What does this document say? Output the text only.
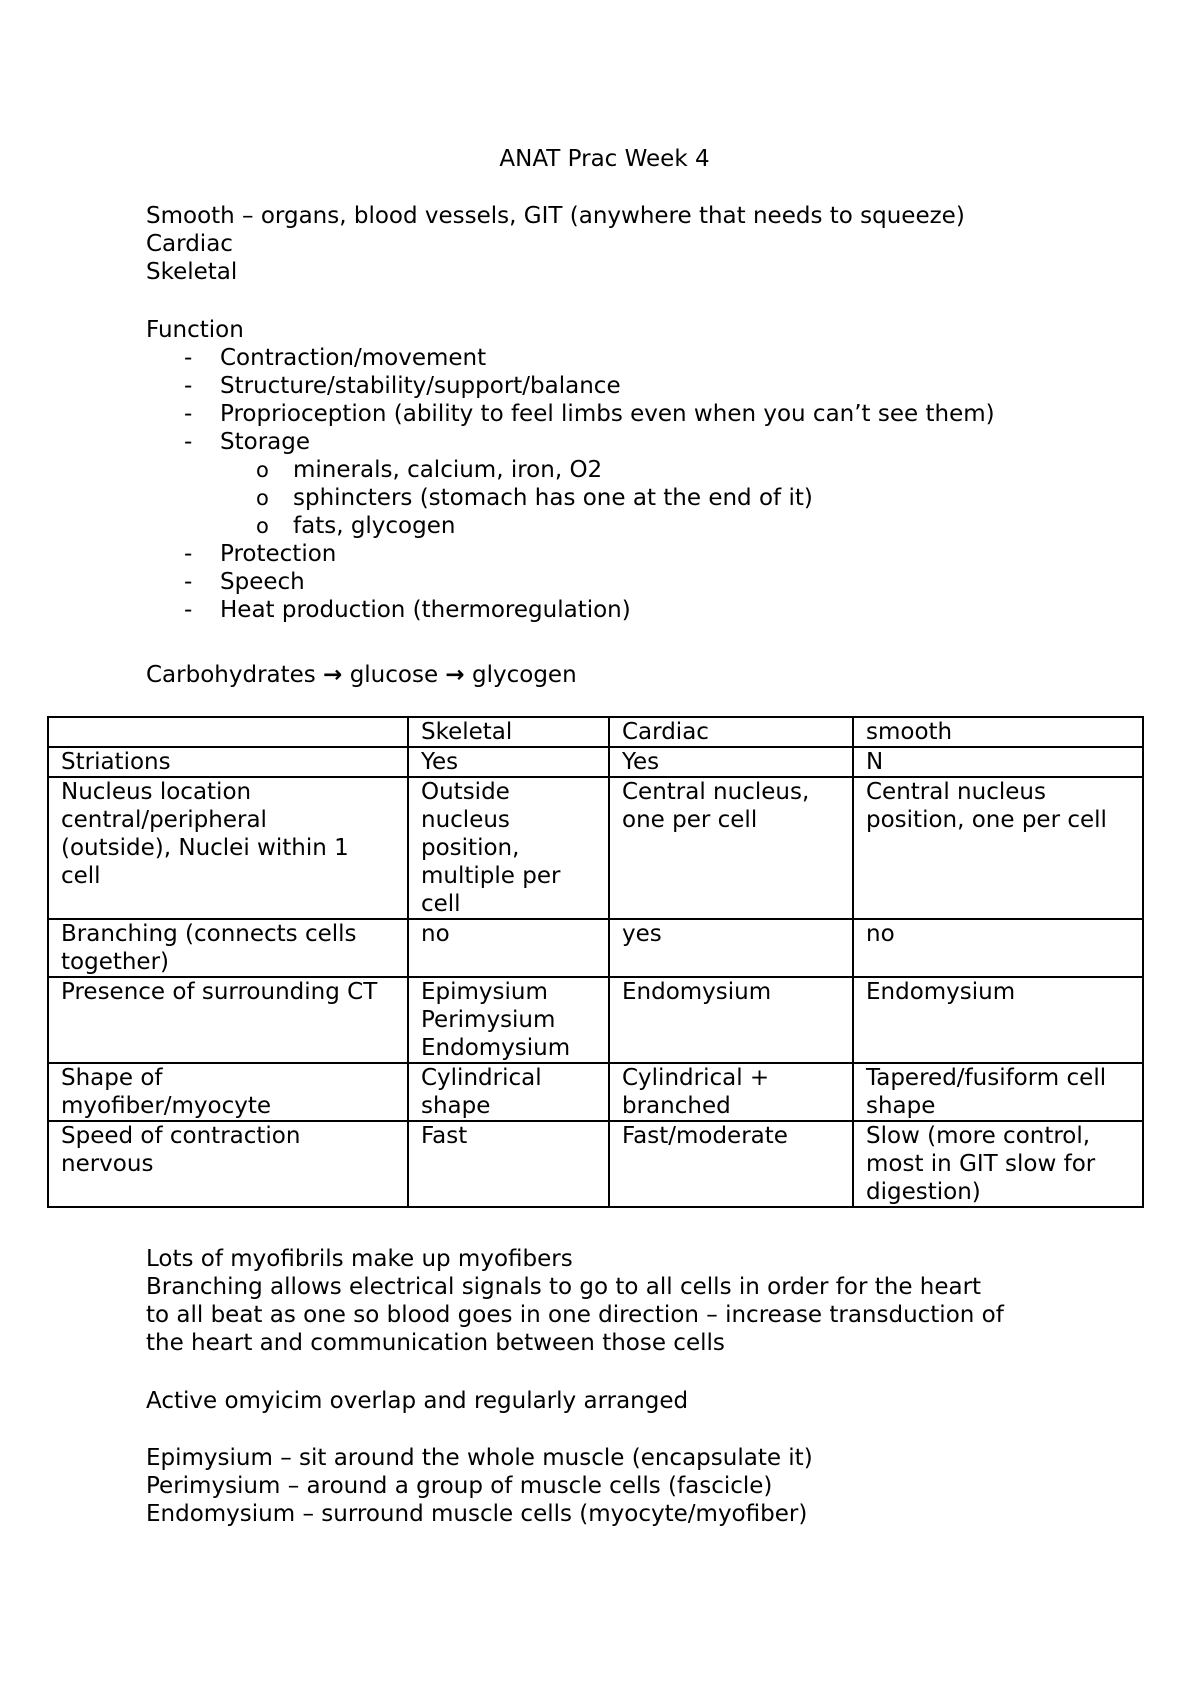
ANAT Prac Week 4

Smooth – organs, blood vessels, GIT (anywhere that needs to squeeze)

Cardiac

Skeletal

Function

- Contraction/movement

- Structure/stability/support/balance

- Proprioception (ability to feel limbs even when you can’t see them)

- Storage

o minerals, calcium, iron, O2

o sphincters (stomach has one at the end of it)

o fats, glycogen

- Protection

- Speech

- Heat production (thermoregulation)

Carbohydrates → glucose → glycogen

	Skeletal	Cardiac	smooth

Striations	Yes	Yes	N

Nucleus location
central/peripheral
(outside), Nuclei within 1
cell	Outside
nucleus
position,
multiple per
cell	Central nucleus,
one per cell	Central nucleus
position, one per cell

Branching (connects cells
together)	no	yes	no

Presence of surrounding CT	Epimysium
Perimysium
Endomysium	Endomysium	Endomysium

Shape of
myofiber/myocyte	Cylindrical
shape	Cylindrical +
branched	Tapered/fusiform cell
shape

Speed of contraction
nervous	Fast	Fast/moderate	Slow (more control,
most in GIT slow for
digestion)

Lots of myofibrils make up myofibers

Branching allows electrical signals to go to all cells in order for the heart

to all beat as one so blood goes in one direction – increase transduction of

the heart and communication between those cells

Active omyicim overlap and regularly arranged

Epimysium – sit around the whole muscle (encapsulate it)

Perimysium – around a group of muscle cells (fascicle)

Endomysium – surround muscle cells (myocyte/myofiber)
